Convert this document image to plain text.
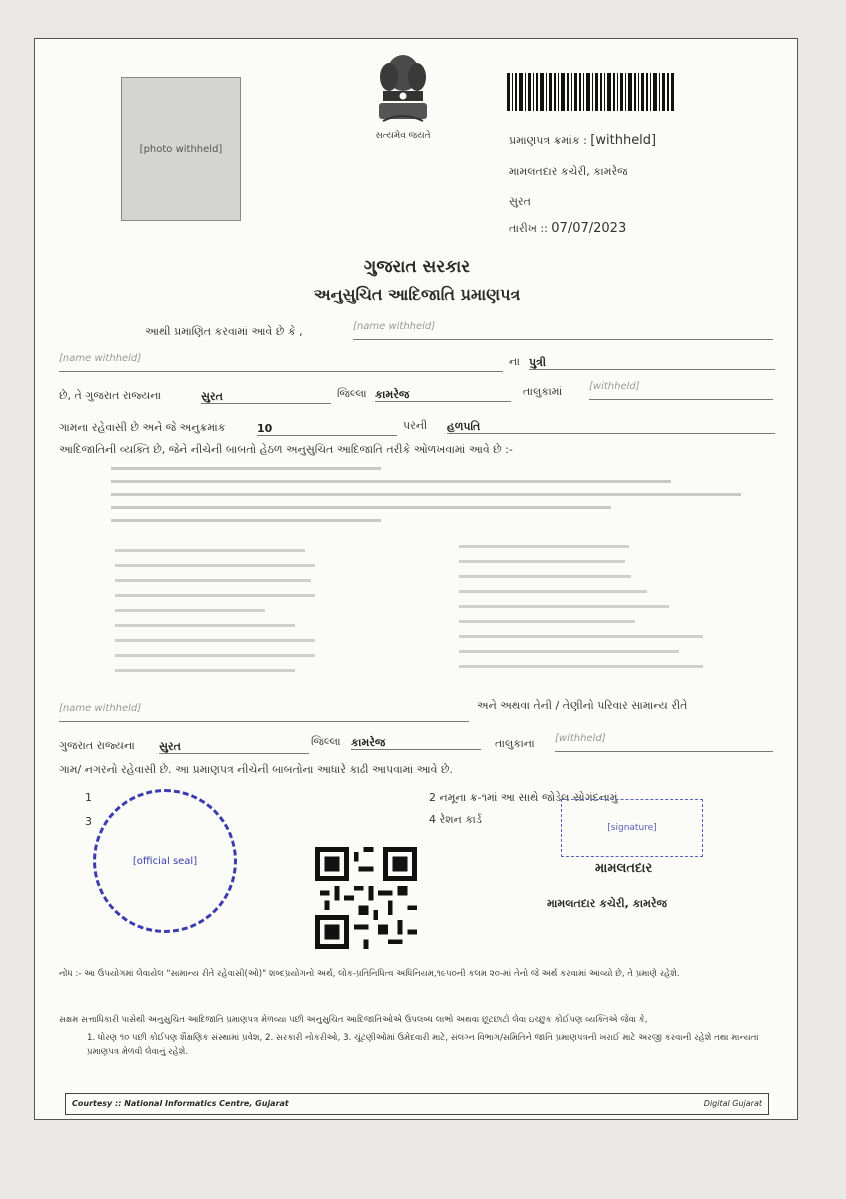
[photo withheld]
સત્યમેવ જયતે	પ્રમાણપત્ર ક્રમાંક : [withheld]
મામલતદાર કચેરી, કામરેજ
સુરત
તારીખ :: 07/07/2023
ગુજરાત સરકાર
અનુસુચિત આદિજાતિ પ્રમાણપત્ર
આથી પ્રમાણિત કરવામાં આવે છે કે ,	[name withheld]
[name withheld]	ના પુત્રી
છે, તે ગુજરાત રાજ્યના	સુરત	જિલ્લા કામરેજ	તાલુકામાં	[withheld]
ગામના રહેવાસી છે અને જે અનુક્રમાંક	10	પરની હળપતિ
આદિજાતિની વ્યક્તિ છે, જેને નીચેની બાબતો હેઠળ અનુસુચિત આદિજાતિ તરીકે ઓળખવામાં આવે છે :-
[name withheld]	અને અથવા તેની / તેણીનો પરિવાર સામાન્ય રીતે
ગુજરાત રાજ્યના સુરત	જિલ્લા કામરેજ	તાલુકાના [withheld]
ગામ/ નગરનો રહેવાસી છે. આ પ્રમાણપત્ર નીચેની બાબતોના આધારે કાઢી આપવામાં આવે છે.
1	2 નમૂના ક્ર-૧માં આ સાથે જોડેલ સોગંદનામું
3	4 રેશન કાર્ડ
[official seal]
[signature]
મામલતદાર
મામલતદાર કચેરી, કામરેજ
નોંધ :- આ ઉપયોગમાં લેવાયેલ "સામાન્ય રીતે રહેવાસી(ઓ)" શબ્દપ્રયોગનો અર્થ, લોક-પ્રતિનિધિત્વ અધિનિયમ,૧૯૫૦ની કલમ ૨૦-માં તેનો જે અર્થ કરવામાં આવ્યો છે, તે પ્રમાણે રહેશે.
સક્ષમ સત્તાધિકારી પાસેથી અનુસુચિત આદિજાતિ પ્રમાણપત્ર મેળવ્યા પછી અનુસુચિત આદિજાતિઓએ ઉપલબ્ધ લાભો અથવા છૂટછાટો લેવા ઇચ્છુક કોઈપણ વ્યક્તિએ જેવા કે,
1. ધોરણ ૧૦ પછી કોઈપણ શૈક્ષણિક સંસ્થામાં પ્રવેશ, 2. સરકારી નોકરીઓ, 3. ચૂંટણીઓમાં ઉમેદવારી માટે, સંલગ્ન વિભાગ/સમિતિને જાતિ પ્રમાણપત્રની ખરાઈ માટે અરજી કરવાની રહેશે તથા માન્યતા પ્રમાણપત્ર મેળવી લેવાનું રહેશે.
Courtesy :: National Informatics Centre, Gujarat	Digital Gujarat
